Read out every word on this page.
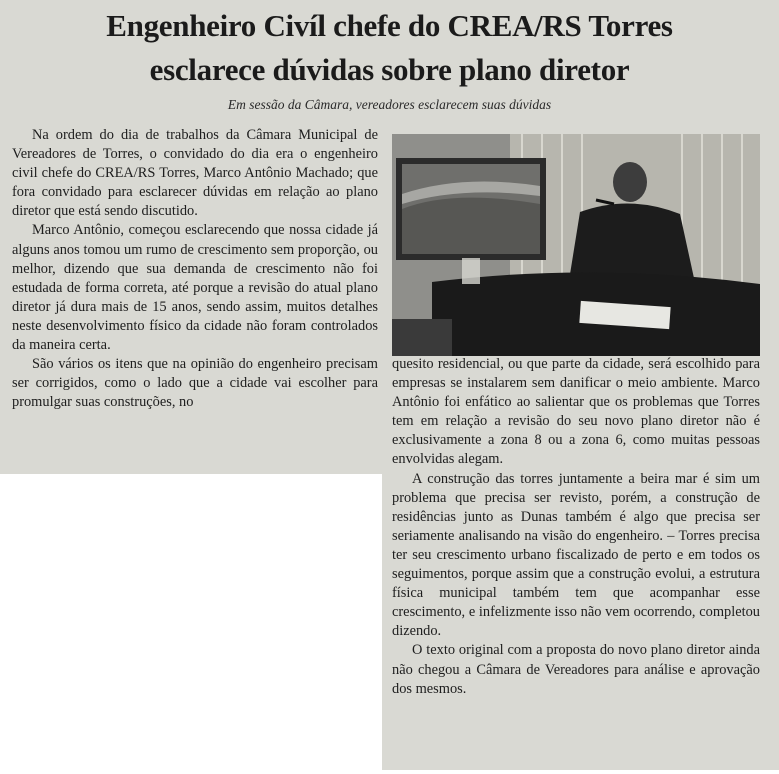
Engenheiro Civíl chefe do CREA/RS Torres
esclarece dúvidas sobre plano diretor
Em sessão da Câmara, vereadores esclarecem suas dúvidas

Na ordem do dia de trabalhos da Câmara Municipal de Vereadores de Torres, o convidado do dia era o engenheiro civil chefe do CREA/RS Torres, Marco Antônio Machado; que fora convidado para esclarecer dúvidas em relação ao plano diretor que está sendo discutido.

Marco Antônio, começou esclarecendo que nossa cidade já alguns anos tomou um rumo de crescimento sem proporção, ou melhor, dizendo que sua demanda de crescimento não foi estudada de forma correta, até porque a revisão do atual plano diretor já dura mais de 15 anos, sendo assim, muitos detalhes neste desenvolvimento físico da cidade não foram controlados da maneira certa.

São vários os itens que na opinião do engenheiro precisam ser corrigidos, como o lado que a cidade vai escolher para promulgar suas construções, no

quesito residencial, ou que parte da cidade, será escolhido para empresas se instalarem sem danificar o meio ambiente. Marco Antônio foi enfático ao salientar que os problemas que Torres tem em relação a revisão do seu novo plano diretor não é exclusivamente a zona 8 ou a zona 6, como muitas pessoas envolvidas alegam.

A construção das torres juntamente a beira mar é sim um problema que precisa ser revisto, porém, a construção de residências junto as Dunas também é algo que precisa ser seriamente analisando na visão do engenheiro. – Torres precisa ter seu crescimento urbano fiscalizado de perto e em todos os seguimentos, porque assim que a construção evolui, a estrutura física municipal também tem que acompanhar esse crescimento, e infelizmente isso não vem ocorrendo, completou dizendo.

O texto original com a proposta do novo plano diretor ainda não chegou a Câmara de Vereadores para análise e aprovação dos mesmos.
